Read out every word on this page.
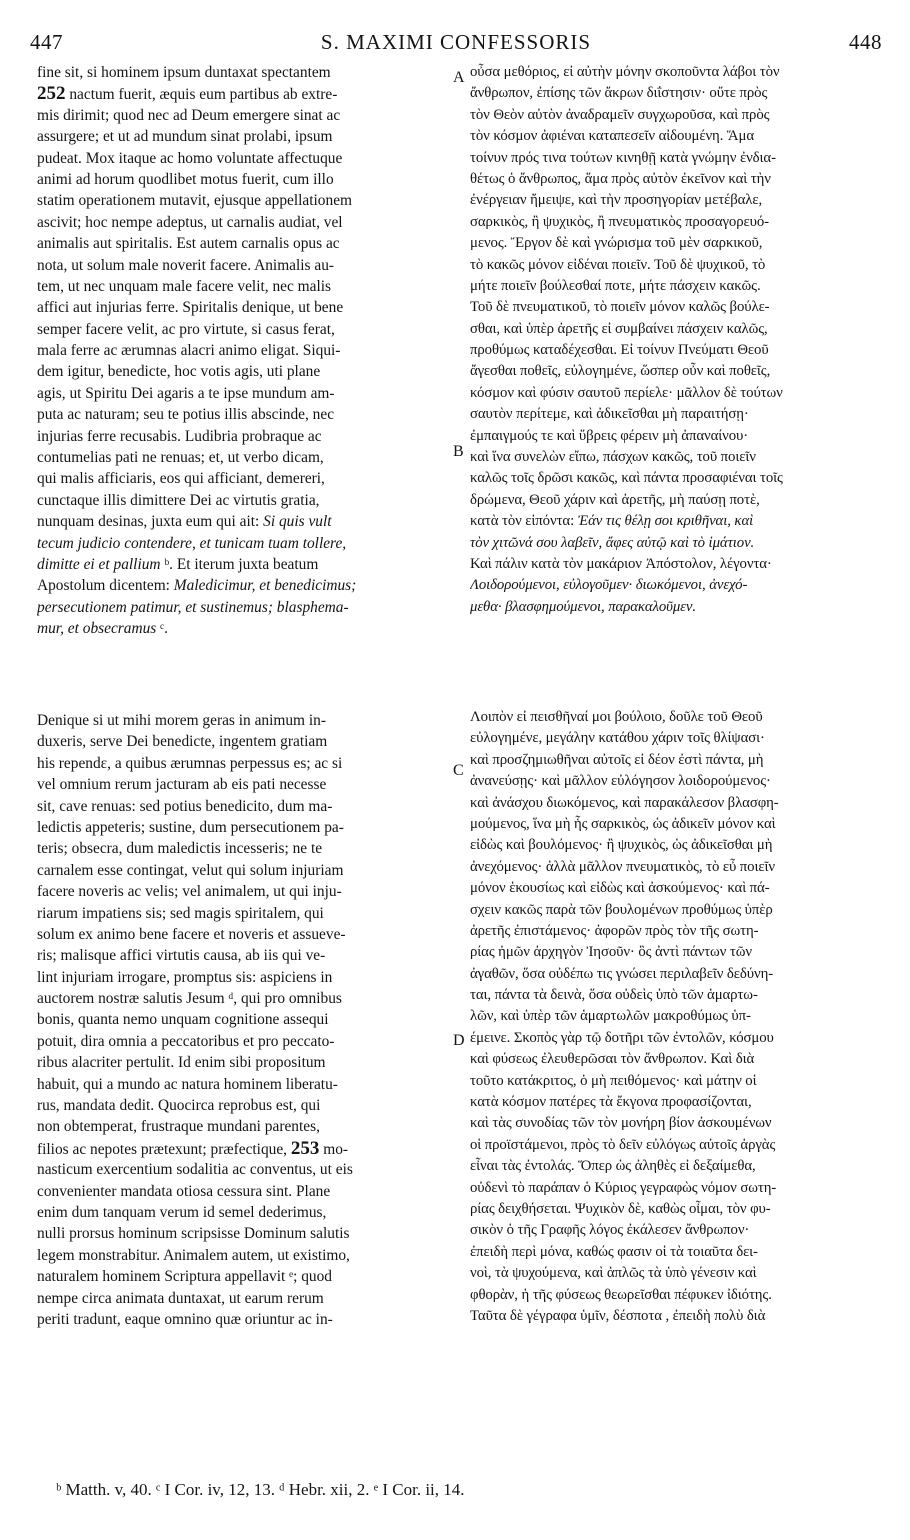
447	S. MAXIMI CONFESSORIS	448
fine sit, si hominem ipsum duntaxat spectantem
252 nactum fuerit, æquis eum partibus ab extre-
mis dirimit; quod nec ad Deum emergere sinat ac
assurgere; et ut ad mundum sinat prolabi, ipsum
pudeat. Mox itaque ac homo voluntate affectuque
animi ad horum quodlibet motus fuerit, cum illo
statim operationem mutavit, ejusque appellationem
ascivit; hoc nempe adeptus, ut carnalis audiat, vel
animalis aut spiritalis. Est autem carnalis opus ac
nota, ut solum male noverit facere. Animalis au-
tem, ut nec unquam male facere velit, nec malis
affici aut injurias ferre. Spiritalis denique, ut bene
semper facere velit, ac pro virtute, si casus ferat,
mala ferre ac ærumnas alacri animo eligat. Siqui-
dem igitur, benedicte, hoc votis agis, uti plane
agis, ut Spiritu Dei agaris a te ipse mundum am-
puta ac naturam; seu te potius illis abscinde, nec
injurias ferre recusabis. Ludibria probraque ac
contumelias pati ne renuas; et, ut verbo dicam,
qui malis afficiaris, eos qui afficiant, demereri,
cunctaque illis dimittere Dei ac virtutis gratia,
nunquam desinas, juxta eum qui ait: Si quis vult
tecum judicio contendere, et tunicam tuam tollere,
dimitte ei et pallium ᵇ. Et iterum juxta beatum
Apostolum dicentem: Maledicimur, et benedicimus;
persecutionem patimur, et sustinemus; blasphema-
mur, et obsecramus ᶜ.
οὖσα μεθόριος, εἰ αὐτὴν μόνην σκοποῦντα λάβοι τὸν
ἄνθρωπον, ἐπίσης τῶν ἄκρων διΐστησιν· οὔτε πρὸς
τὸν Θεὸν αὐτὸν ἀναδραμεῖν συγχωροῦσα, καὶ πρὸς
τὸν κόσμον ἀφιέναι καταπεσεῖν αἰδουμένη. Ἅμα
τοίνυν πρός τινα τούτων κινηθῇ κατὰ γνώμην ἐνδια-
θέτως ὁ ἄνθρωπος, ἅμα πρὸς αὐτὸν ἐκεῖνον καὶ τὴν
ἐνέργειαν ἤμειψε, καὶ τὴν προσηγορίαν μετέβαλε,
σαρκικὸς, ἢ ψυχικὸς, ἢ πνευματικὸς προσαγορευό-
μενος. Ἔργον δὲ καὶ γνώρισμα τοῦ μὲν σαρκικοῦ,
τὸ κακῶς μόνον εἰδέναι ποιεῖν. Τοῦ δὲ ψυχικοῦ, τὸ
μήτε ποιεῖν βούλεσθαί ποτε, μήτε πάσχειν κακῶς.
Τοῦ δὲ πνευματικοῦ, τὸ ποιεῖν μόνον καλῶς βούλε-
σθαι, καὶ ὑπὲρ ἀρετῆς εἰ συμβαίνει πάσχειν καλῶς,
προθύμως καταδέχεσθαι. Εἰ τοίνυν Πνεύματι Θεοῦ
ἄγεσθαι ποθεῖς, εὐλογημένε, ὥσπερ οὖν καὶ ποθεῖς,
κόσμον καὶ φύσιν σαυτοῦ περίελε· μᾶλλον δὲ τούτων
σαυτὸν περίτεμε, καὶ ἀδικεῖσθαι μὴ παραιτήσῃ·
ἐμπαιγμούς τε καὶ ὕβρεις φέρειν μὴ ἀπαναίνου·
καὶ ἵνα συνελὼν εἴπω, πάσχων κακῶς, τοῦ ποιεῖν
καλῶς τοῖς δρῶσι κακῶς, καὶ πάντα προσαφιέναι τοῖς
δρώμενα, Θεοῦ χάριν καὶ ἀρετῆς, μὴ παύσῃ ποτὲ,
κατὰ τὸν εἰπόντα: Ἐάν τις θέλῃ σοι κριθῆναι, καὶ
τὸν χιτῶνά σου λαβεῖν, ἄφες αὐτῷ καὶ τὸ ἱμάτιον.
Καὶ πάλιν κατὰ τὸν μακάριον Ἀπόστολον, λέγοντα·
Λοιδορούμενοι, εὐλογοῦμεν· διωκόμενοι, ἀνεχό-
μεθα· βλασφημούμενοι, παρακαλοῦμεν.
Denique si ut mihi morem geras in animum in-
duxeris, serve Dei benedicte, ingentem gratiam
his rependε, a quibus ærumnas perpessus es; ac si
vel omnium rerum jacturam ab eis pati necesse
sit, cave renuas: sed potius benedicito, dum ma-
ledictis appeteris; sustine, dum persecutionem pa-
teris; obsecra, dum maledictis incesseris; ne te
carnalem esse contingat, velut qui solum injuriam
facere noveris ac velis; vel animalem, ut qui inju-
riarum impatiens sis; sed magis spiritalem, qui
solum ex animo bene facere et noveris et assueve-
ris; malisque affici virtutis causa, ab iis qui ve-
lint injuriam irrogare, promptus sis: aspiciens in
auctorem nostræ salutis Jesum ᵈ, qui pro omnibus
bonis, quanta nemo unquam cognitione assequi
potuit, dira omnia a peccatoribus et pro peccato-
ribus alacriter pertulit. Id enim sibi propositum
habuit, qui a mundo ac natura hominem liberatu-
rus, mandata dedit. Quocirca reprobus est, qui
non obtemperat, frustraque mundani parentes,
filios ac nepotes prætexunt; præfectique, 253 mo-
nasticum exercentium sodalitia ac conventus, ut eis
convenienter mandata otiosa cessura sint. Plane
enim dum tanquam verum id semel dederimus,
nulli prorsus hominum scripsisse Dominum salutis
legem monstrabitur. Animalem autem, ut existimo,
naturalem hominem Scriptura appellavit ᵉ; quod
nempe circa animata duntaxat, ut earum rerum
periti tradunt, eaque omnino quæ oriuntur ac in-
Λοιπὸν εἰ πεισθῆναί μοι βούλοιο, δοῦλε τοῦ Θεοῦ
εὐλογημένε, μεγάλην κατάθου χάριν τοῖς θλίψασι·
καὶ προσζημιωθῆναι αὐτοῖς εἰ δέον ἐστὶ πάντα, μὴ
ἀνανεύσῃς· καὶ μᾶλλον εὐλόγησον λοιδορούμενος·
καὶ ἀνάσχου διωκόμενος, καὶ παρακάλεσον βλασφη-
μούμενος, ἵνα μὴ ἧς σαρκικὸς, ὡς ἀδικεῖν μόνον καὶ
εἰδὼς καὶ βουλόμενος· ἢ ψυχικὸς, ὡς ἀδικεῖσθαι μὴ
ἀνεχόμενος· ἀλλὰ μᾶλλον πνευματικὸς, τὸ εὖ ποιεῖν
μόνον ἑκουσίως καὶ εἰδὼς καὶ ἀσκούμενος· καὶ πά-
σχειν κακῶς παρὰ τῶν βουλομένων προθύμως ὑπὲρ
ἀρετῆς ἐπιστάμενος· ἀφορῶν πρὸς τὸν τῆς σωτη-
ρίας ἡμῶν ἀρχηγὸν Ἰησοῦν· ὃς ἀντὶ πάντων τῶν
ἀγαθῶν, ὅσα οὐδέπω τις γνώσει περιλαβεῖν δεδύνη-
ται, πάντα τὰ δεινὰ, ὅσα οὐδεὶς ὑπὸ τῶν ἁμαρτω-
λῶν, καὶ ὑπὲρ τῶν ἁμαρτωλῶν μακροθύμως ὑπ-
έμεινε. Σκοπὸς γὰρ τῷ δοτῆρι τῶν ἐντολῶν, κόσμου
καὶ φύσεως ἐλευθερῶσαι τὸν ἄνθρωπον. Καὶ διὰ
τοῦτο κατάκριτος, ὁ μὴ πειθόμενος· καὶ μάτην οἱ
κατὰ κόσμον πατέρες τὰ ἔκγονα προφασίζονται,
καὶ τὰς συνοδίας τῶν τὸν μονήρη βίον ἀσκουμένων
οἱ προϊστάμενοι, πρὸς τὸ δεῖν εὐλόγως αὐτοῖς ἀργὰς
εἶναι τὰς ἐντολάς. Ὅπερ ὡς ἀληθὲς εἰ δεξαίμεθα,
οὐδενὶ τὸ παράπαν ὁ Κύριος γεγραφὼς νόμον σωτη-
ρίας δειχθήσεται. Ψυχικὸν δὲ, καθὼς οἶμαι, τὸν φυ-
σικὸν ὁ τῆς Γραφῆς λόγος ἐκάλεσεν ἄνθρωπον·
ἐπειδὴ περὶ μόνα, καθώς φασιν οἱ τὰ τοιαῦτα δει-
νοὶ, τὰ ψυχούμενα, καὶ ἁπλῶς τὰ ὑπὸ γένεσιν καὶ
φθορὰν, ἡ τῆς φύσεως θεωρεῖσθαι πέφυκεν ἰδιότης.
Ταῦτα δὲ γέγραφα ὑμῖν, δέσποτα , ἐπειδὴ πολὺ διὰ
A
B
C
D
ᵇ Matth. v, 40. ᶜ I Cor. iv, 12, 13. ᵈ Hebr. xii, 2. ᵉ I Cor. ii, 14.
